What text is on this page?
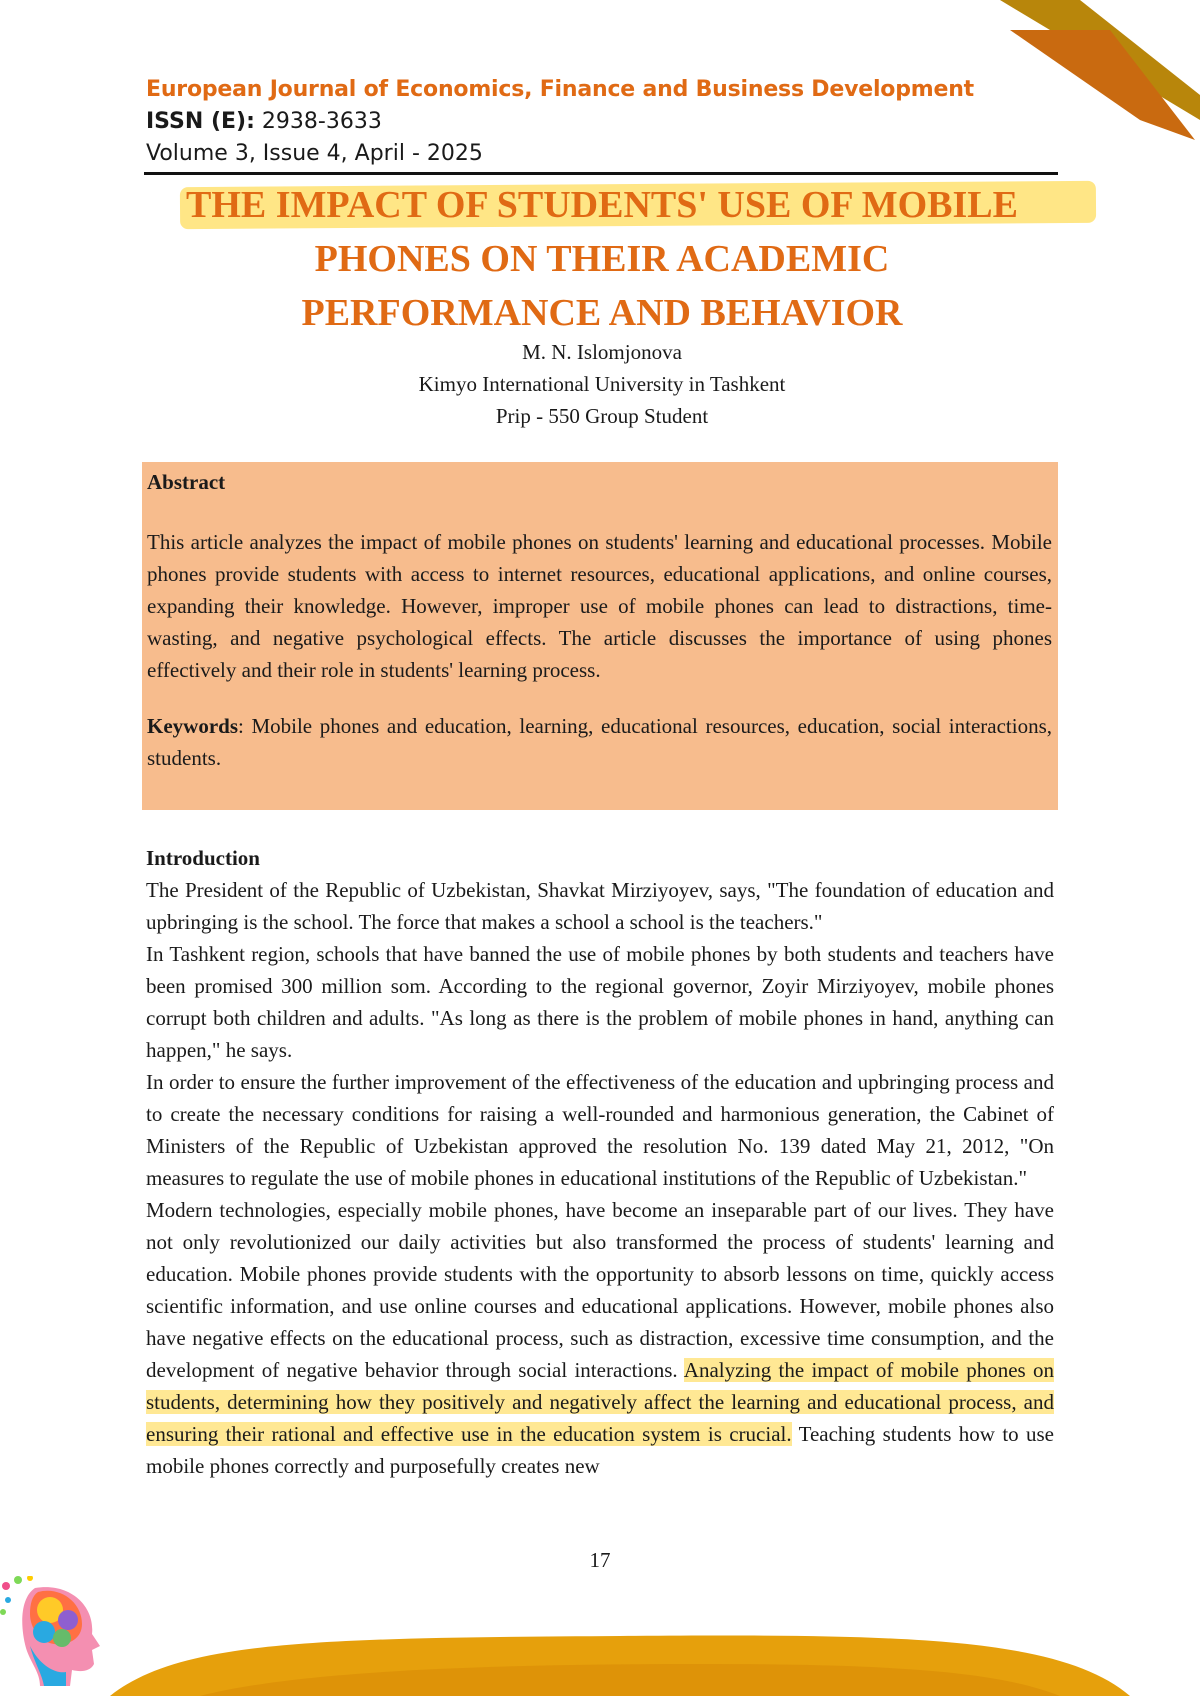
European Journal of Economics, Finance and Business Development
ISSN (E): 2938-3633
Volume 3, Issue 4, April - 2025
THE IMPACT OF STUDENTS' USE OF MOBILE
PHONES ON THEIR ACADEMIC
PERFORMANCE AND BEHAVIOR
M. N. Islomjonova
Kimyo International University in Tashkent
Prip - 550 Group Student
Abstract
This article analyzes the impact of mobile phones on students' learning and educational processes. Mobile phones provide students with access to internet resources, educational applications, and online courses, expanding their knowledge. However, improper use of mobile phones can lead to distractions, time-wasting, and negative psychological effects. The article discusses the importance of using phones effectively and their role in students' learning process.
Keywords: Mobile phones and education, learning, educational resources, education, social interactions, students.
Introduction

The President of the Republic of Uzbekistan, Shavkat Mirziyoyev, says, "The foundation of education and upbringing is the school. The force that makes a school a school is the teachers."

In Tashkent region, schools that have banned the use of mobile phones by both students and teachers have been promised 300 million som. According to the regional governor, Zoyir Mirziyoyev, mobile phones corrupt both children and adults. "As long as there is the problem of mobile phones in hand, anything can happen," he says.

In order to ensure the further improvement of the effectiveness of the education and upbringing process and to create the necessary conditions for raising a well-rounded and harmonious generation, the Cabinet of Ministers of the Republic of Uzbekistan approved the resolution No. 139 dated May 21, 2012, "On measures to regulate the use of mobile phones in educational institutions of the Republic of Uzbekistan."

Modern technologies, especially mobile phones, have become an inseparable part of our lives. They have not only revolutionized our daily activities but also transformed the process of students' learning and education. Mobile phones provide students with the opportunity to absorb lessons on time, quickly access scientific information, and use online courses and educational applications. However, mobile phones also have negative effects on the educational process, such as distraction, excessive time consumption, and the development of negative behavior through social interactions. Analyzing the impact of mobile phones on students, determining how they positively and negatively affect the learning and educational process, and ensuring their rational and effective use in the education system is crucial. Teaching students how to use mobile phones correctly and purposefully creates new

17
